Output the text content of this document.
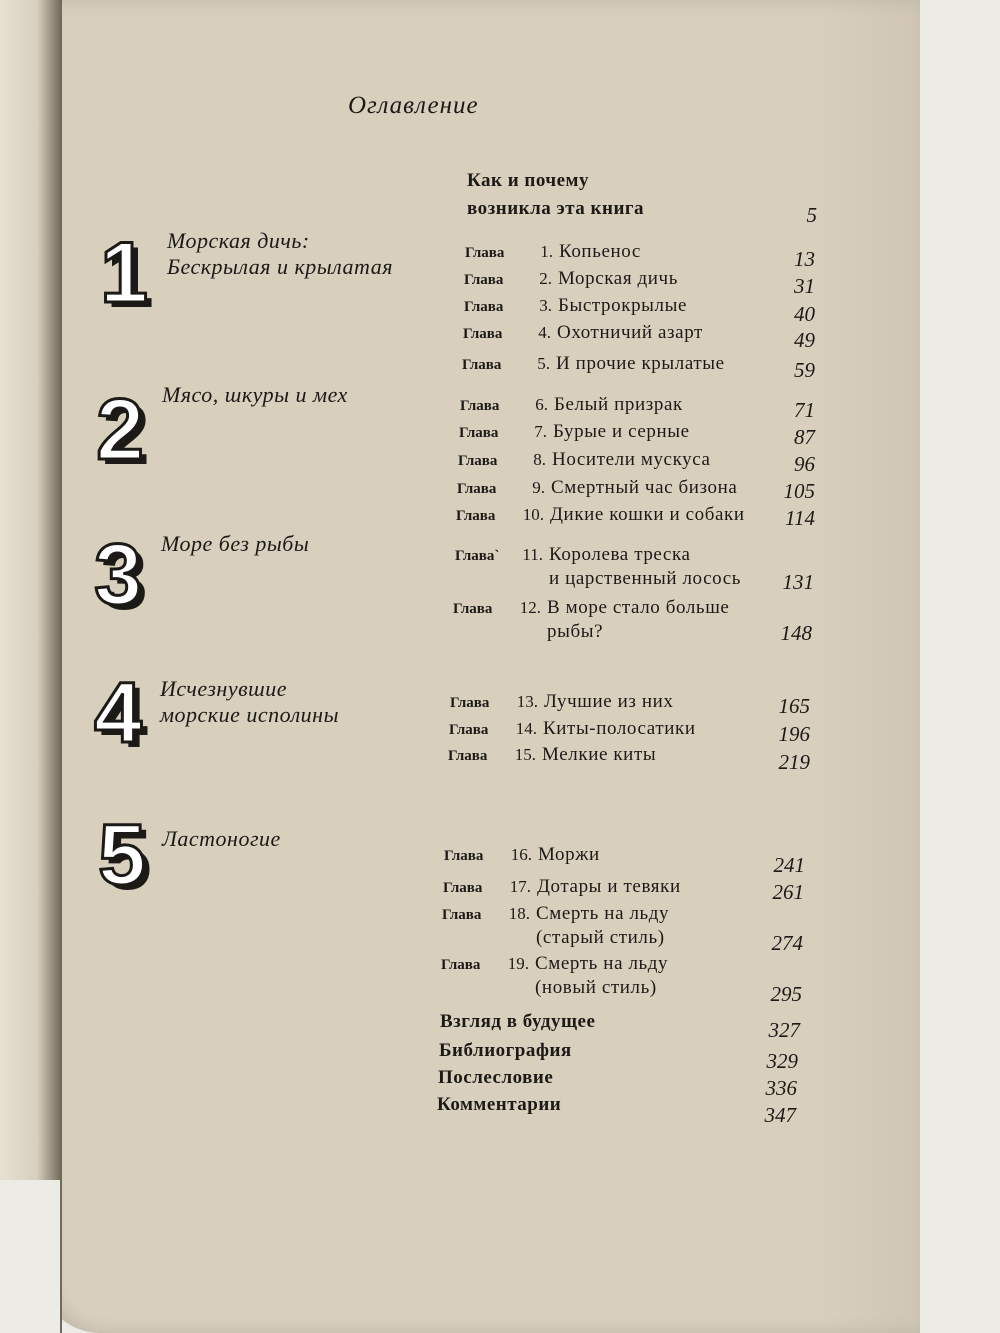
Оглавление
Как и почему
возникла эта книга	5
1 Морская дичь:
Бескрылая и крылатая
2 Мясо, шкуры и мех
3 Море без рыбы
4 Исчезнувшие
морские исполины
5 Ластоногие
Глава	1. Копьенос	13
Глава	2. Морская дичь	31
Глава	3. Быстрокрылые	40
Глава	4. Охотничий азарт	49
Глава	5. И прочие крылатые	59
Глава	6. Белый призрак	71
Глава	7. Бурые и серные	87
Глава	8. Носители мускуса	96
Глава	9. Смертный час бизона	105
Глава	10. Дикие кошки и собаки	114
Глава`	11. Королева треска
и царственный лосось	131
Глава	12. В море стало больше
рыбы?	148
Глава	13. Лучшие из них	165
Глава	14. Киты-полосатики	196
Глава	15. Мелкие киты	219
Глава	16. Моржи	241
Глава	17. Дотары и тевяки	261
Глава	18. Смерть на льду
(старый стиль)	274
Глава	19. Смерть на льду
(новый стиль)	295
Взгляд в будущее	327
Библиография	329
Послесловие	336
Комментарии	347
